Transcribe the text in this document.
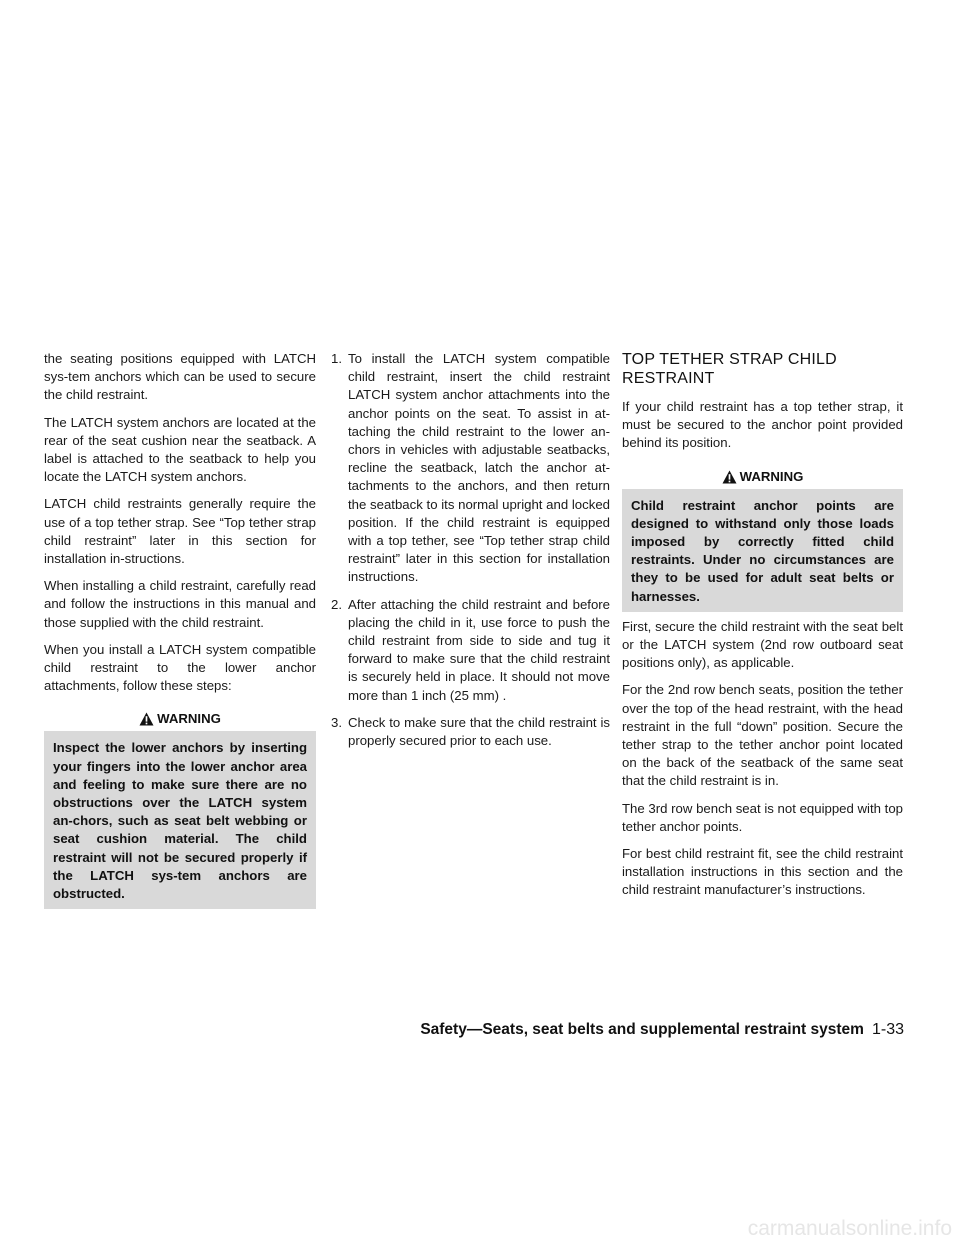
the seating positions equipped with LATCH sys-tem anchors which can be used to secure the child restraint.

The LATCH system anchors are located at the rear of the seat cushion near the seatback. A label is attached to the seatback to help you locate the LATCH system anchors.

LATCH child restraints generally require the use of a top tether strap. See “Top tether strap child restraint” later in this section for installation in-structions.

When installing a child restraint, carefully read and follow the instructions in this manual and those supplied with the child restraint.

When you install a LATCH system compatible child restraint to the lower anchor attachments, follow these steps:

WARNING
Inspect the lower anchors by inserting your fingers into the lower anchor area and feeling to make sure there are no obstructions over the LATCH system an-chors, such as seat belt webbing or seat cushion material. The child restraint will not be secured properly if the LATCH sys-tem anchors are obstructed.
1. To install the LATCH system compatible child restraint, insert the child restraint LATCH system anchor attachments into the anchor points on the seat. To assist in at-taching the child restraint to the lower an-chors in vehicles with adjustable seatbacks, recline the seatback, latch the anchor at-tachments to the anchors, and then return the seatback to its normal upright and locked position. If the child restraint is equipped with a top tether, see “Top tether strap child restraint” later in this section for installation instructions.
2. After attaching the child restraint and before placing the child in it, use force to push the child restraint from side to side and tug it forward to make sure that the child restraint is securely held in place. It should not move more than 1 inch (25 mm) .
3. Check to make sure that the child restraint is properly secured prior to each use.
TOP TETHER STRAP CHILD RESTRAINT

If your child restraint has a top tether strap, it must be secured to the anchor point provided behind its position.

WARNING
Child restraint anchor points are designed to withstand only those loads imposed by correctly fitted child restraints. Under no circumstances are they to be used for adult seat belts or harnesses.

First, secure the child restraint with the seat belt or the LATCH system (2nd row outboard seat positions only), as applicable.

For the 2nd row bench seats, position the tether over the top of the head restraint, with the head restraint in the full “down” position. Secure the tether strap to the tether anchor point located on the back of the seatback of the same seat that the child restraint is in.

The 3rd row bench seat is not equipped with top tether anchor points.

For best child restraint fit, see the child restraint installation instructions in this section and the child restraint manufacturer’s instructions.

Safety—Seats, seat belts and supplemental restraint system 1-33
carmanualsonline.info
